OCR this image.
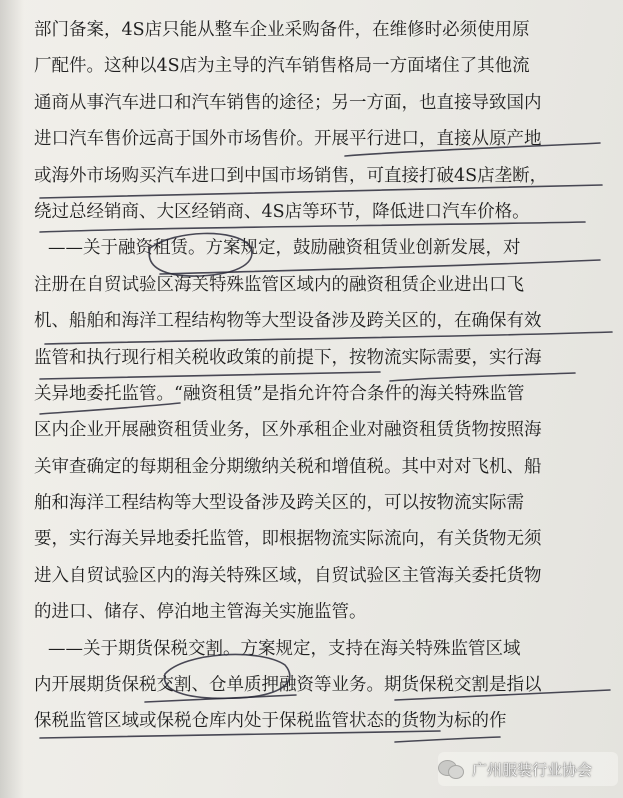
部门备案，4S店只能从整车企业采购备件，在维修时必须使用原
厂配件。这种以4S店为主导的汽车销售格局一方面堵住了其他流
通商从事汽车进口和汽车销售的途径；另一方面，也直接导致国内
进口汽车售价远高于国外市场售价。开展平行进口，直接从原产地
或海外市场购买汽车进口到中国市场销售，可直接打破4S店垄断，
绕过总经销商、大区经销商、4S店等环节，降低进口汽车价格。
——关于融资租赁。方案规定，鼓励融资租赁业创新发展，对
注册在自贸试验区海关特殊监管区域内的融资租赁企业进出口飞
机、船舶和海洋工程结构物等大型设备涉及跨关区的，在确保有效
监管和执行现行相关税收政策的前提下，按物流实际需要，实行海
关异地委托监管。“融资租赁”是指允许符合条件的海关特殊监管
区内企业开展融资租赁业务，区外承租企业对融资租赁货物按照海
关审查确定的每期租金分期缴纳关税和增值税。其中对对飞机、船
舶和海洋工程结构等大型设备涉及跨关区的，可以按物流实际需
要，实行海关异地委托监管，即根据物流实际流向，有关货物无须
进入自贸试验区内的海关特殊区域，自贸试验区主管海关委托货物
的进口、储存、停泊地主管海关实施监管。
——关于期货保税交割。方案规定，支持在海关特殊监管区域
内开展期货保税交割、仓单质押融资等业务。期货保税交割是指以
保税监管区域或保税仓库内处于保税监管状态的货物为标的作
广州服装行业协会
